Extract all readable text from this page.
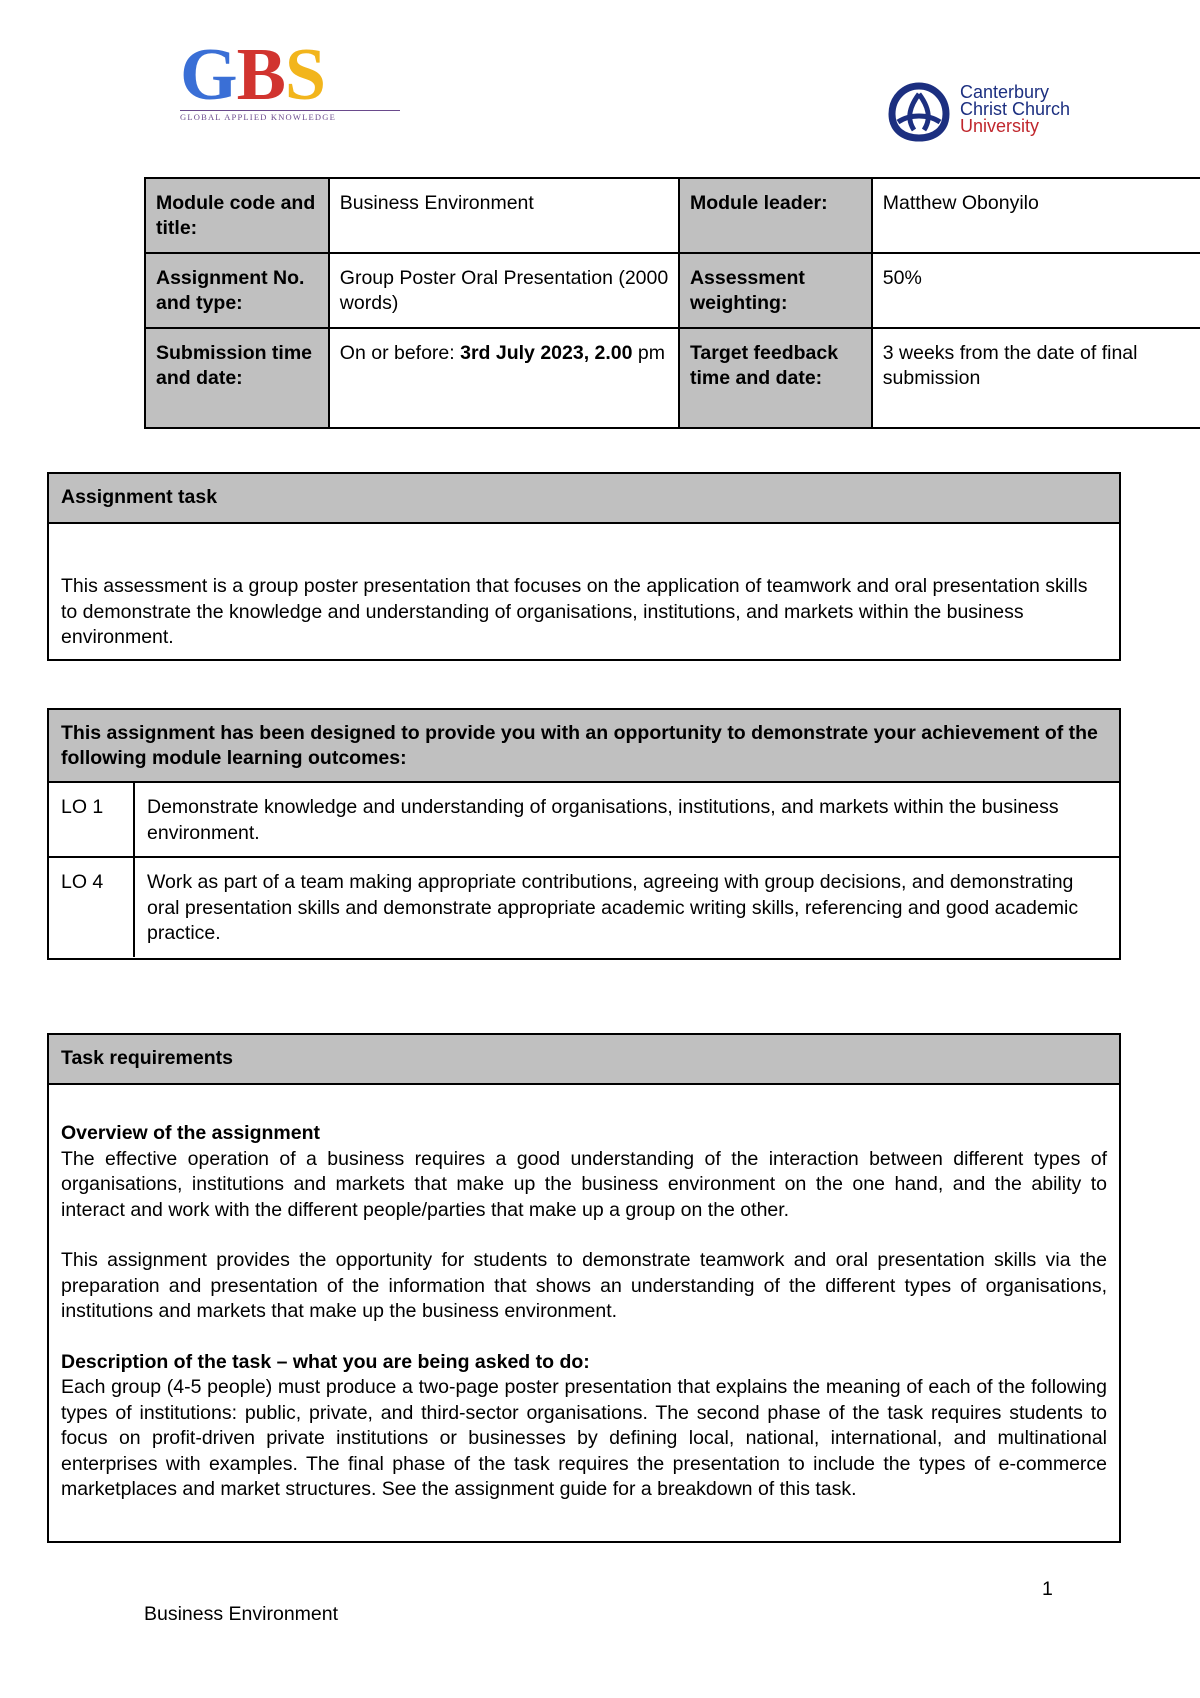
GBS
GLOBAL APPLIED KNOWLEDGE
Canterbury
Christ Church
University
Module code and title:	Business Environment	Module leader:	Matthew Obonyilo
Assignment No. and type:	Group Poster Oral Presentation (2000 words)	Assessment weighting:	50%
Submission time and date:	On or before: 3rd July 2023, 2.00 pm	Target feedback time and date:	3 weeks from the date of final submission
Assignment task
This assessment is a group poster presentation that focuses on the application of teamwork and oral presentation skills to demonstrate the knowledge and understanding of organisations, institutions, and markets within the business environment.
This assignment has been designed to provide you with an opportunity to demonstrate your achievement of the following module learning outcomes:
LO 1	Demonstrate knowledge and understanding of organisations, institutions, and markets within the business environment.
LO 4	Work as part of a team making appropriate contributions, agreeing with group decisions, and demonstrating oral presentation skills and demonstrate appropriate academic writing skills, referencing and good academic practice.
Task requirements

Overview of the assignment

The effective operation of a business requires a good understanding of the interaction between different types of organisations, institutions and markets that make up the business environment on the one hand, and the ability to interact and work with the different people/parties that make up a group on the other.

This assignment provides the opportunity for students to demonstrate teamwork and oral presentation skills via the preparation and presentation of the information that shows an understanding of the different types of organisations, institutions and markets that make up the business environment.

Description of the task – what you are being asked to do:

Each group (4-5 people) must produce a two-page poster presentation that explains the meaning of each of the following types of institutions: public, private, and third-sector organisations. The second phase of the task requires students to focus on profit-driven private institutions or businesses by defining local, national, international, and multinational enterprises with examples. The final phase of the task requires the presentation to include the types of e-commerce marketplaces and market structures. See the assignment guide for a breakdown of this task.

1
Business Environment
